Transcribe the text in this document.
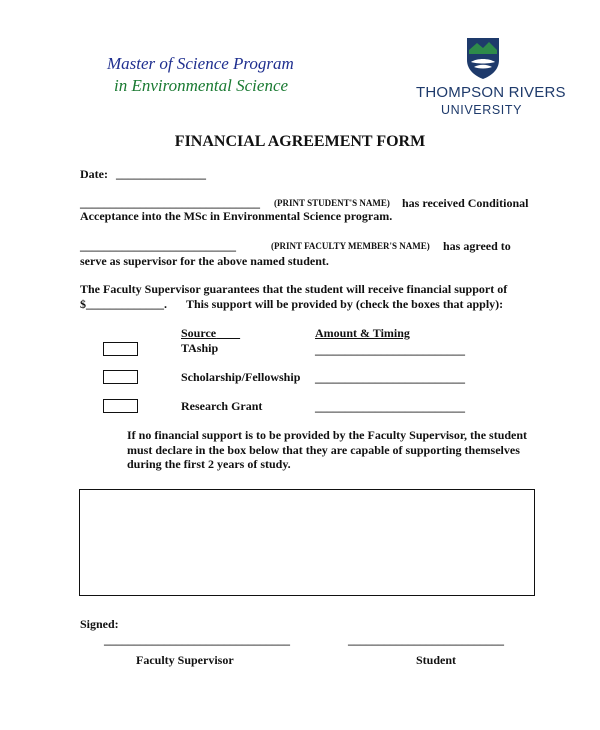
Master of Science Program
in Environmental Science	THOMPSON RIVERS
UNIVERSITY
FINANCIAL AGREEMENT FORM
Date: _______________
______________________________ (PRINT STUDENT'S NAME) has received Conditional
Acceptance into the MSc in Environmental Science program.
__________________________	(PRINT FACULTY MEMBER'S NAME) has agreed to
serve as supervisor for the above named student.
The Faculty Supervisor guarantees that the student will receive financial support of
$_____________. This support will be provided by (check the boxes that apply):
Source	Amount & Timing
TAship	_________________________
Scholarship/Fellowship _________________________
Research Grant	_________________________
If no financial support is to be provided by the Faculty Supervisor, the student
must declare in the box below that they are capable of supporting themselves
during the first 2 years of study.
Signed:
_______________________________	__________________________
Faculty Supervisor	Student
